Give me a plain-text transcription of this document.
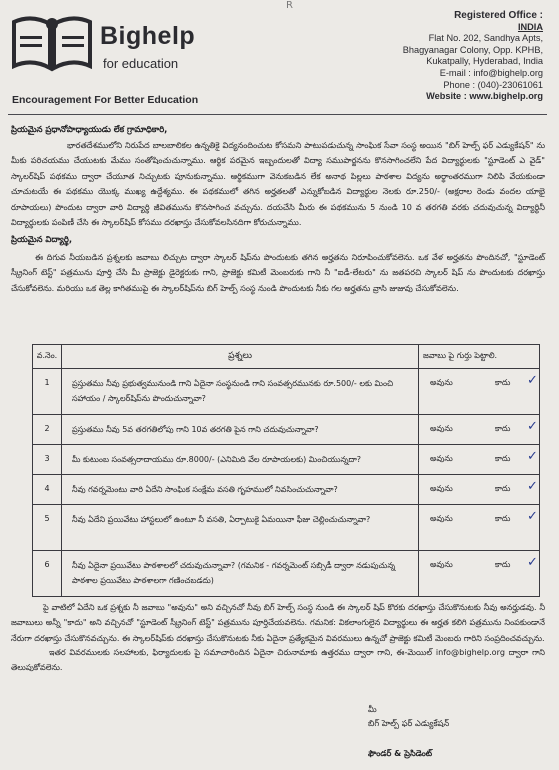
Bighelp
for education
Encouragement For Better Education
R
Registered Office :
INDIA
Flat No. 202, Sandhya Apts,
Bhagyanagar Colony, Opp. KPHB,
Kukatpally, Hyderabad, India
E-mail : info@bighelp.org
Phone : (040)-23061061
Website : www.bighelp.org
ప్రియమైన ప్రధానోపాధ్యాయుడు లేక గ్రామాధికారి,
భారతదేశములోని నిరుపేద బాలబాలికల ఉన్నతికై విద్యనందించుట కోసమని పాటుపడుచున్న సాంఘిక సేవా సంస్థ అయిన "బిగ్ హెల్ప్ ఫర్ ఎడ్యుకేషన్" ను మీకు పరిచయము చేయుటకు మేము సంతోషించుచున్నాము. ఆర్థిక పరమైన ఇబ్బందులతో విద్యా సముపార్జనను కొనసాగించలేని పేద విద్యార్థులకు "స్టూడెంట్ ఎ వైడ్" స్కాలర్‌షిప్ పథకము ద్వారా చేయూత నిచ్చుటకు పూనుకున్నాము. ఆర్థికముగా వెనుకబడిన లేక అనాథ పిల్లలు పాఠశాల విద్యను అర్థాంతరముగా నిలిపి వేయకుండా చూచుటయే ఈ పథకము యొక్క ముఖ్య ఉద్దేశ్యము. ఈ పథకములో తగిన అర్హతలతో ఎన్నుకోబడిన విద్యార్థుల నెలకు రూ.250/- (అక్షరాల రెండు వందల యాభై రూపాయలు) పొందుట ద్వారా వారి విద్యార్థి జీవితమును కొనసాగించ వచ్చును. దయచేసి మీరు ఈ పథకమును 5 నుండి 10 వ తరగతి వరకు చదువుచున్న విద్యార్థినీ విద్యార్థులకు పంపిణీ చేసి ఈ స్కాలర్‌షిప్ కోసము దరఖాస్తు చేసుకోవలసినదిగా కోరుచున్నాము.
ప్రియమైన విద్యార్థి,
ఈ దిగువ నీయబడిన ప్రశ్నలకు జవాబు లిచ్చుట ద్వారా స్కాలర్ షిప్‌ను పొందుటకు తగిన అర్హతను నిరూపించుకోవలెను. ఒక వేళ అర్హతను పొందినచో, "స్టూడెంట్ స్క్రీనింగ్ టెస్ట్" పత్రమును పూర్తి చేసి మీ ప్రాజెక్టు డైరెక్టరుకు గాని, ప్రాజెక్టు కమిటీ మెంబరుకు గాని నీ "ఐడీ-లేటరు" ను జతపరచి స్కాలర్ షిప్ ను పొందుటకు దరఖాస్తు చేసుకోవలెను. మరియు ఒక తెల్ల కాగితముపై ఈ స్కాలర్‌షిప్‌ను బిగ్ హెల్ప్ సంస్థ నుండి పొందుటకు నీకు గల అర్హతను వ్రాసి జుజువు చేసుకోవలెను.
వ.నెం.	ప్రశ్నలు	జవాబు పై గుర్తు పెట్టాలి.
1	ప్రస్తుతము నీవు ప్రభుత్వమునుండి గాని ఏదైనా సంస్థనుండి గాని సంవత్సరమునకు రూ.500/- లకు మించి సహాయం / స్కాలర్‌షిప్‌ను పొందుచున్నావా?	అవును కాదు ✓

2	ప్రస్తుతము నీవు 5వ తరగతిలోపు గాని 10వ తరగతి పైన గాని చదువుచున్నావా?	అవును కాదు ✓

3	మీ కుటుంబ సంవత్సరాదాయము రూ.8000/- (ఎనిమిది వేల రూపాయలకు) మించియున్నదా?	అవును కాదు ✓

4	నీవు గవర్నమెంటు వారి ఏదేని సాంఘిక సంక్షేమ వసతి గృహములో నివసించుచున్నావా?	అవును కాదు ✓

5	నీవు ఏదేని ప్రయివేటు హాస్టలులో ఉంటూ నీ వసతి, ఏర్పాటుకై ఏమయినా ఫీజు చెల్లించుచున్నావా?	అవును కాదు ✓

6	నీవు ఏదైనా ప్రయివేటు పాఠశాలలో చదువుచున్నావా? (గమనిక - గవర్నమెంట్ సబ్సిడీ ద్వారా నడుపుచున్న పాఠశాల ప్రయివేటు పాఠశాలగా గణించబడదు)	అవును కాదు ✓
పై వాటిలో ఏదేని ఒక ప్రశ్నకు నీ జవాబు "అవును" అని వచ్చినచో నీవు బిగ్ హెల్ప్ సంస్థ నుండి ఈ స్కాలర్ షిప్ కొరకు దరఖాస్తు చేసుకొనుటకు నీవు అనర్హుడవు. నీ జవాబులు అన్నీ "కాదు" అని వచ్చినచో "స్టూడెంట్ స్క్రీనింగ్ టెస్ట్" పత్రమును పూర్తిచేయవలెను. గమనిక: వికలాంగులైన విద్యార్థులు ఈ అర్హత కలిగి పత్రమును నింపకుండానే నేరుగా దరఖాస్తు చేసుకొనవచ్చును. ఈ స్కాలర్‌షిప్‌కు దరఖాస్తు చేసుకొనుటకు నీకు ఏదైనా ప్రత్యేకమైన వివరములు ఉన్నచో ప్రాజెక్టు కమిటీ మెంబరు గారిని సంప్రదించవచ్చును.
ఇతర వివరములకు సలహాలకు, ఫిర్యాదులకు పై సమాచారిందిన ఏదైనా చిరునామాకు ఉత్తరము ద్వారా గాని, ఈ-మెయిల్ info@bighelp.org ద్వారా గాని తెలుపుకోవలెను.
మీ
బిగ్ హెల్ప్ ఫర్ ఎడ్యుకేషన్
ఫౌండర్ & ప్రెసిడెంట్
